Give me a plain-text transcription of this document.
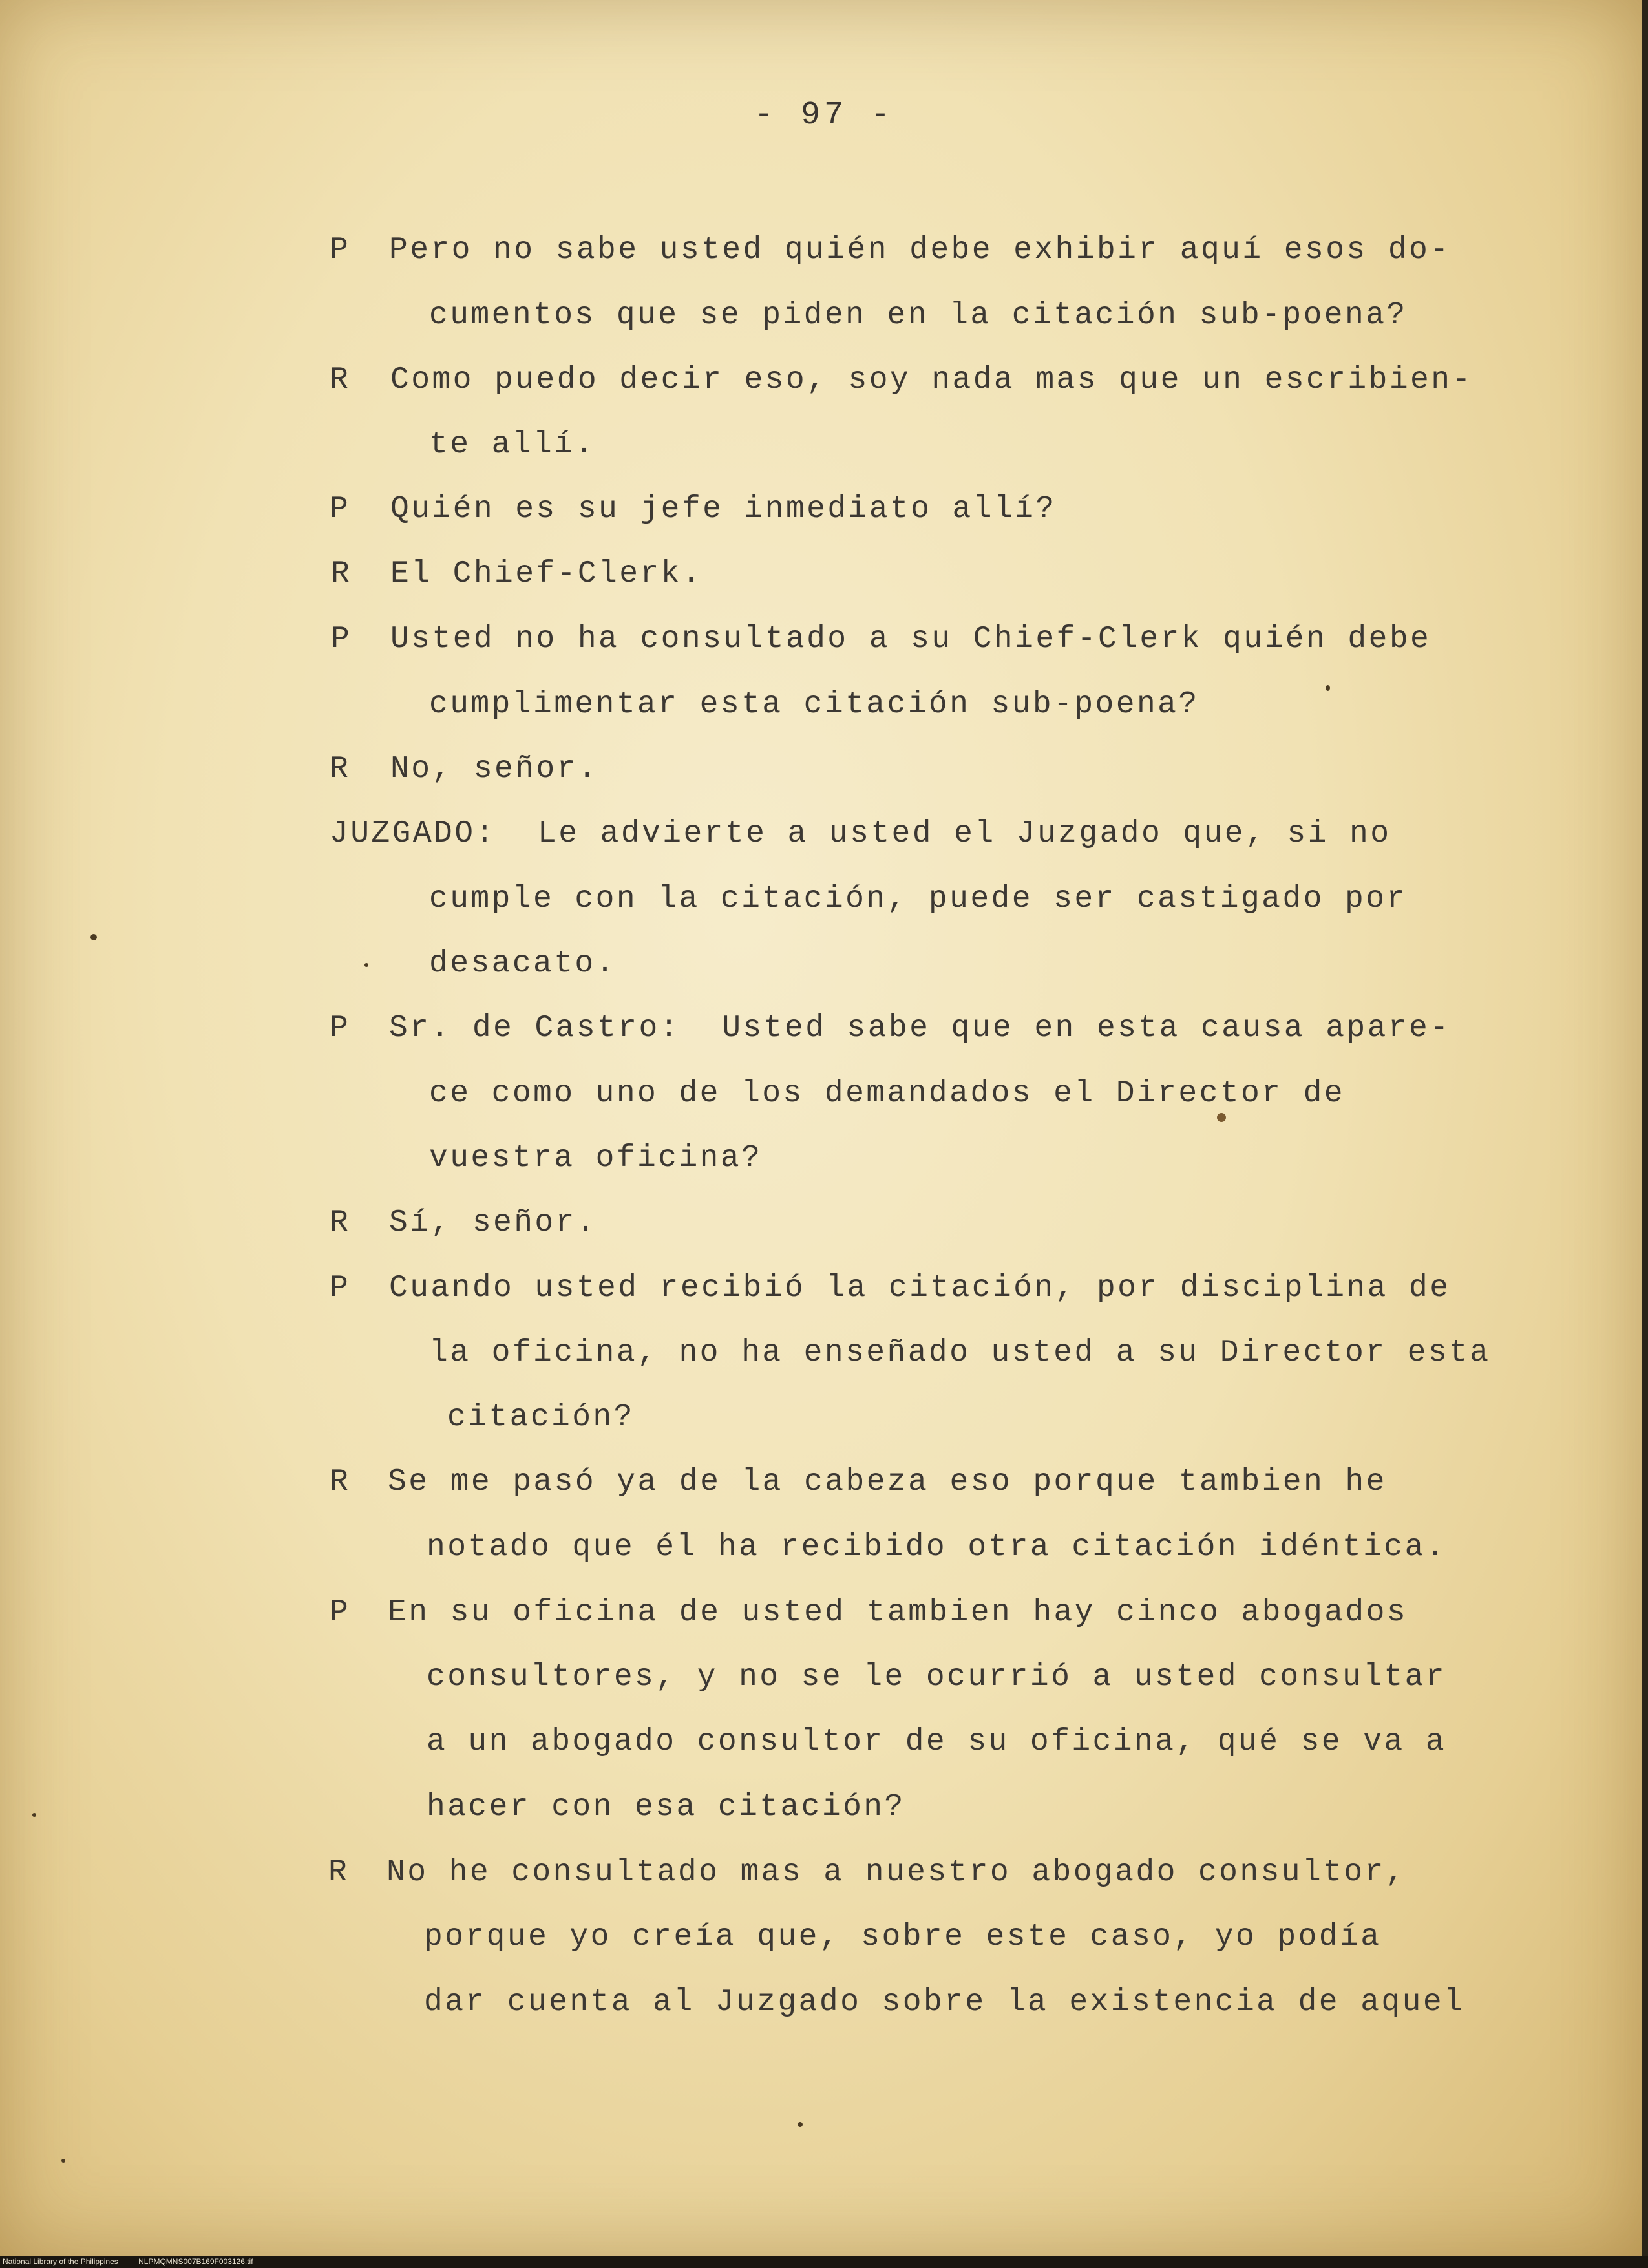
- 97 -
P
R
P
R
P
R
P
R
P
R
P
R
Pero no sabe usted quién debe exhibir aquí esos do-
cumentos que se piden en la citación sub-poena?
Como puedo decir eso, soy nada mas que un escribien-
te allí.
Quién es su jefe inmediato allí?
El Chief-Clerk.
Usted no ha consultado a su Chief-Clerk quién debe
cumplimentar esta citación sub-poena?
No, señor.
JUZGADO:  Le advierte a usted el Juzgado que, si no
cumple con la citación, puede ser castigado por
desacato.
Sr. de Castro:  Usted sabe que en esta causa apare-
ce como uno de los demandados el Director de
vuestra oficina?
Sí, señor.
Cuando usted recibió la citación, por disciplina de
la oficina, no ha enseñado usted a su Director esta
citación?
Se me pasó ya de la cabeza eso porque tambien he
notado que él ha recibido otra citación idéntica.
En su oficina de usted tambien hay cinco abogados
consultores, y no se le ocurrió a usted consultar
a un abogado consultor de su oficina, qué se va a
hacer con esa citación?
No he consultado mas a nuestro abogado consultor,
porque yo creía que, sobre este caso, yo podía
dar cuenta al Juzgado sobre la existencia de aquel
National Library of the Philippines	NLPMQMNS007B169F003126.tif
